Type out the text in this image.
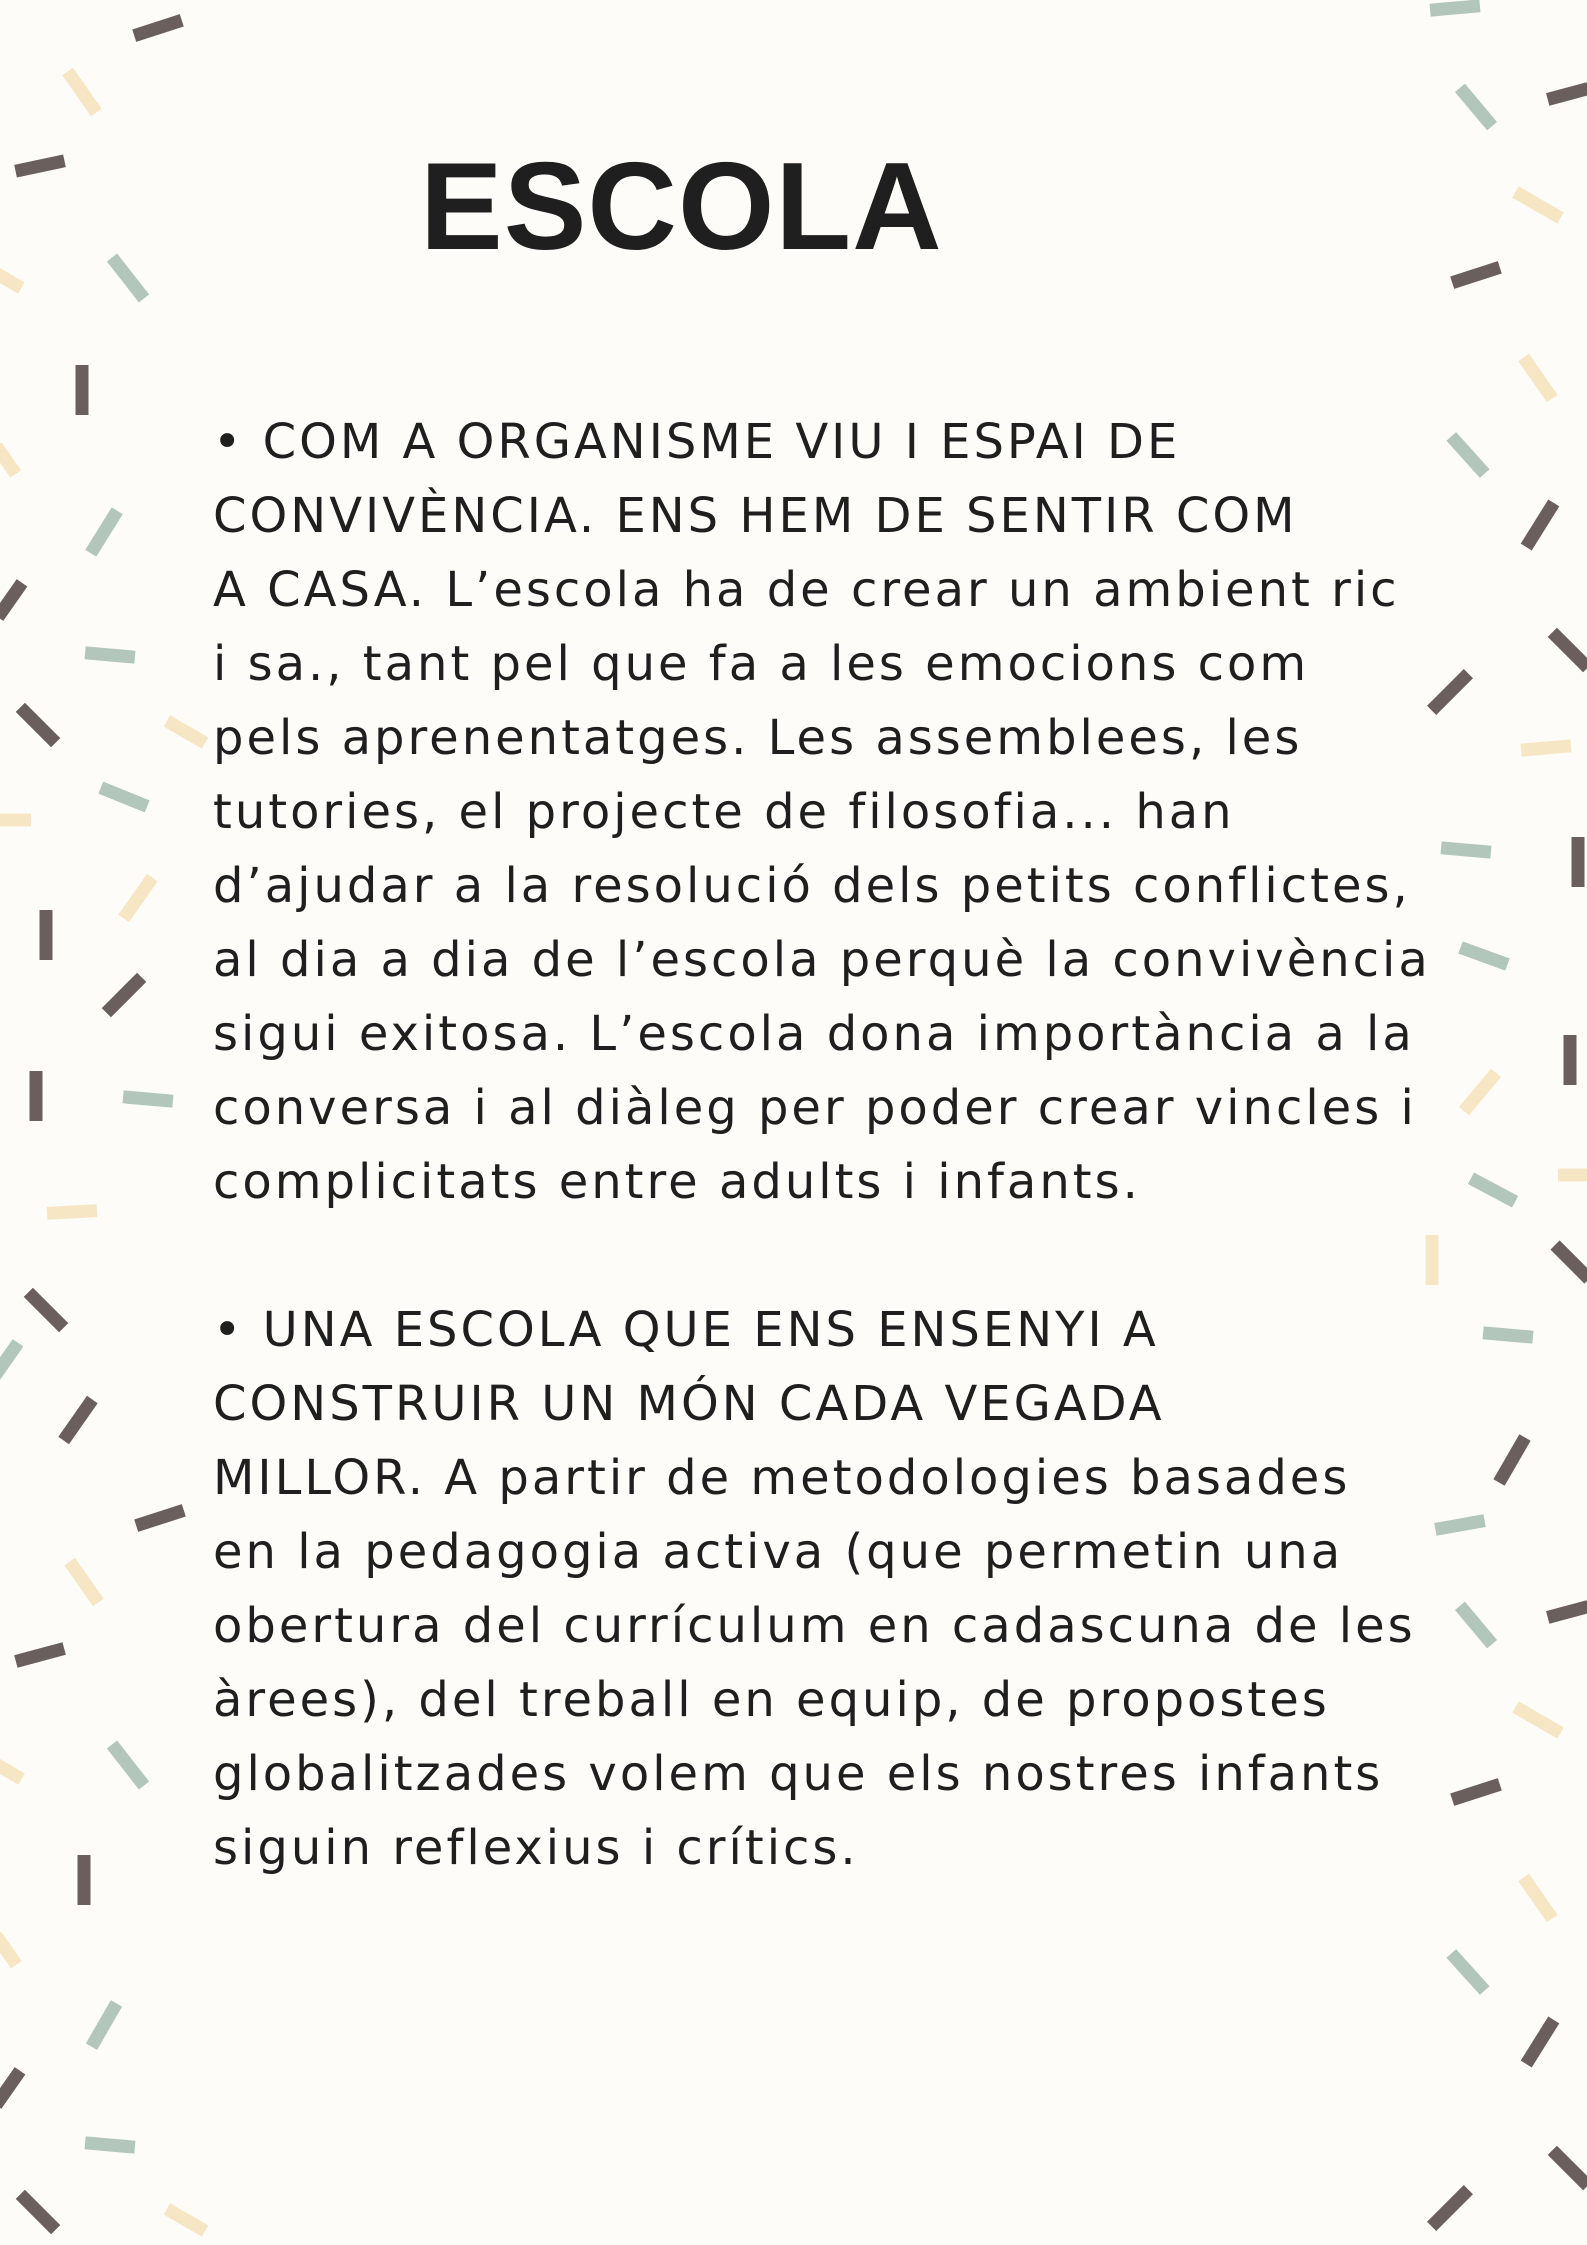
ESCOLA

• COM A ORGANISME VIU I ESPAI DE
CONVIVÈNCIA. ENS HEM DE SENTIR COM
A CASA. L’escola ha de crear un ambient ric
i sa., tant pel que fa a les emocions com
pels aprenentatges. Les assemblees, les
tutories, el projecte de filosofia... han
d’ajudar a la resolució dels petits conflictes,
al dia a dia de l’escola perquè la convivència
sigui exitosa. L’escola dona importància a la
conversa i al diàleg per poder crear vincles i
complicitats entre adults i infants.

• UNA ESCOLA QUE ENS ENSENYI A
CONSTRUIR UN MÓN CADA VEGADA
MILLOR. A partir de metodologies basades
en la pedagogia activa (que permetin una
obertura del currículum en cadascuna de les
àrees), del treball en equip, de propostes
globalitzades volem que els nostres infants
siguin reflexius i crítics.
